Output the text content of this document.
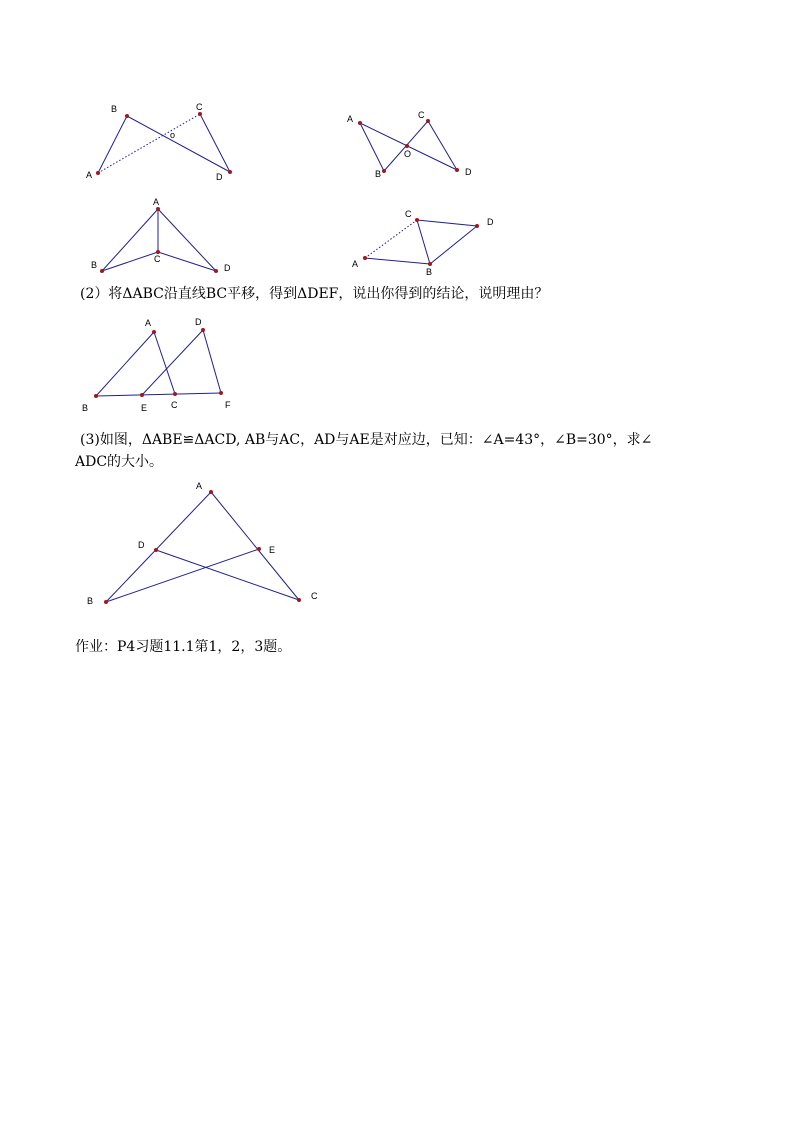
A
B	C
D
o
A
B
C
D
O
A
B
C
D	A
B
C
D
(2）将ΔABC沿直线BC平移，得到ΔDEF，说出你得到的结论，说明理由？
A
B	C
D
E	F
(3)如图，ΔABE≌ΔACD, AB与AC，AD与AE是对应边，已知：∠A=43°，∠B=30°，求∠
ADC的大小。
A
B	C
D	E
作业：P4习题11.1第1，2，3题。
